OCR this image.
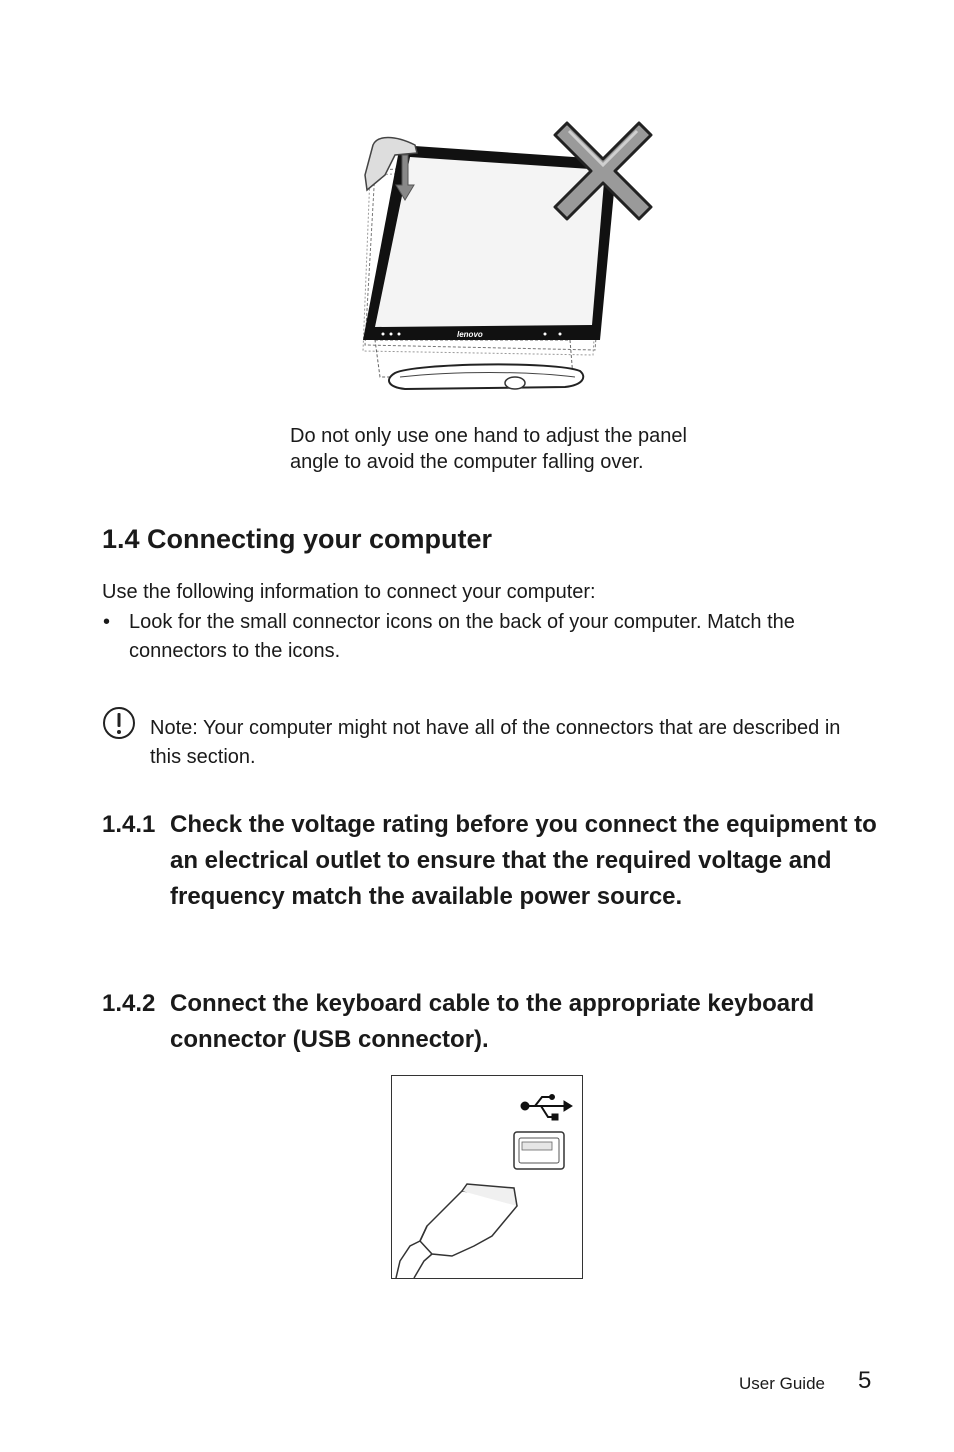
lenovo
Do not only use one hand to adjust the panel angle to avoid the computer falling over.
1.4 Connecting your computer
Use the following information to connect your computer:
• Look for the small connector icons on the back of your computer. Match the connectors to the icons.
Note: Your computer might not have all of the connectors that are described in this section.
1.4.1 Check the voltage rating before you connect the equipment to an electrical outlet to ensure that the required voltage and frequency match the available power source.
1.4.2 Connect the keyboard cable to the appropriate keyboard connector (USB connector).
User Guide 5
